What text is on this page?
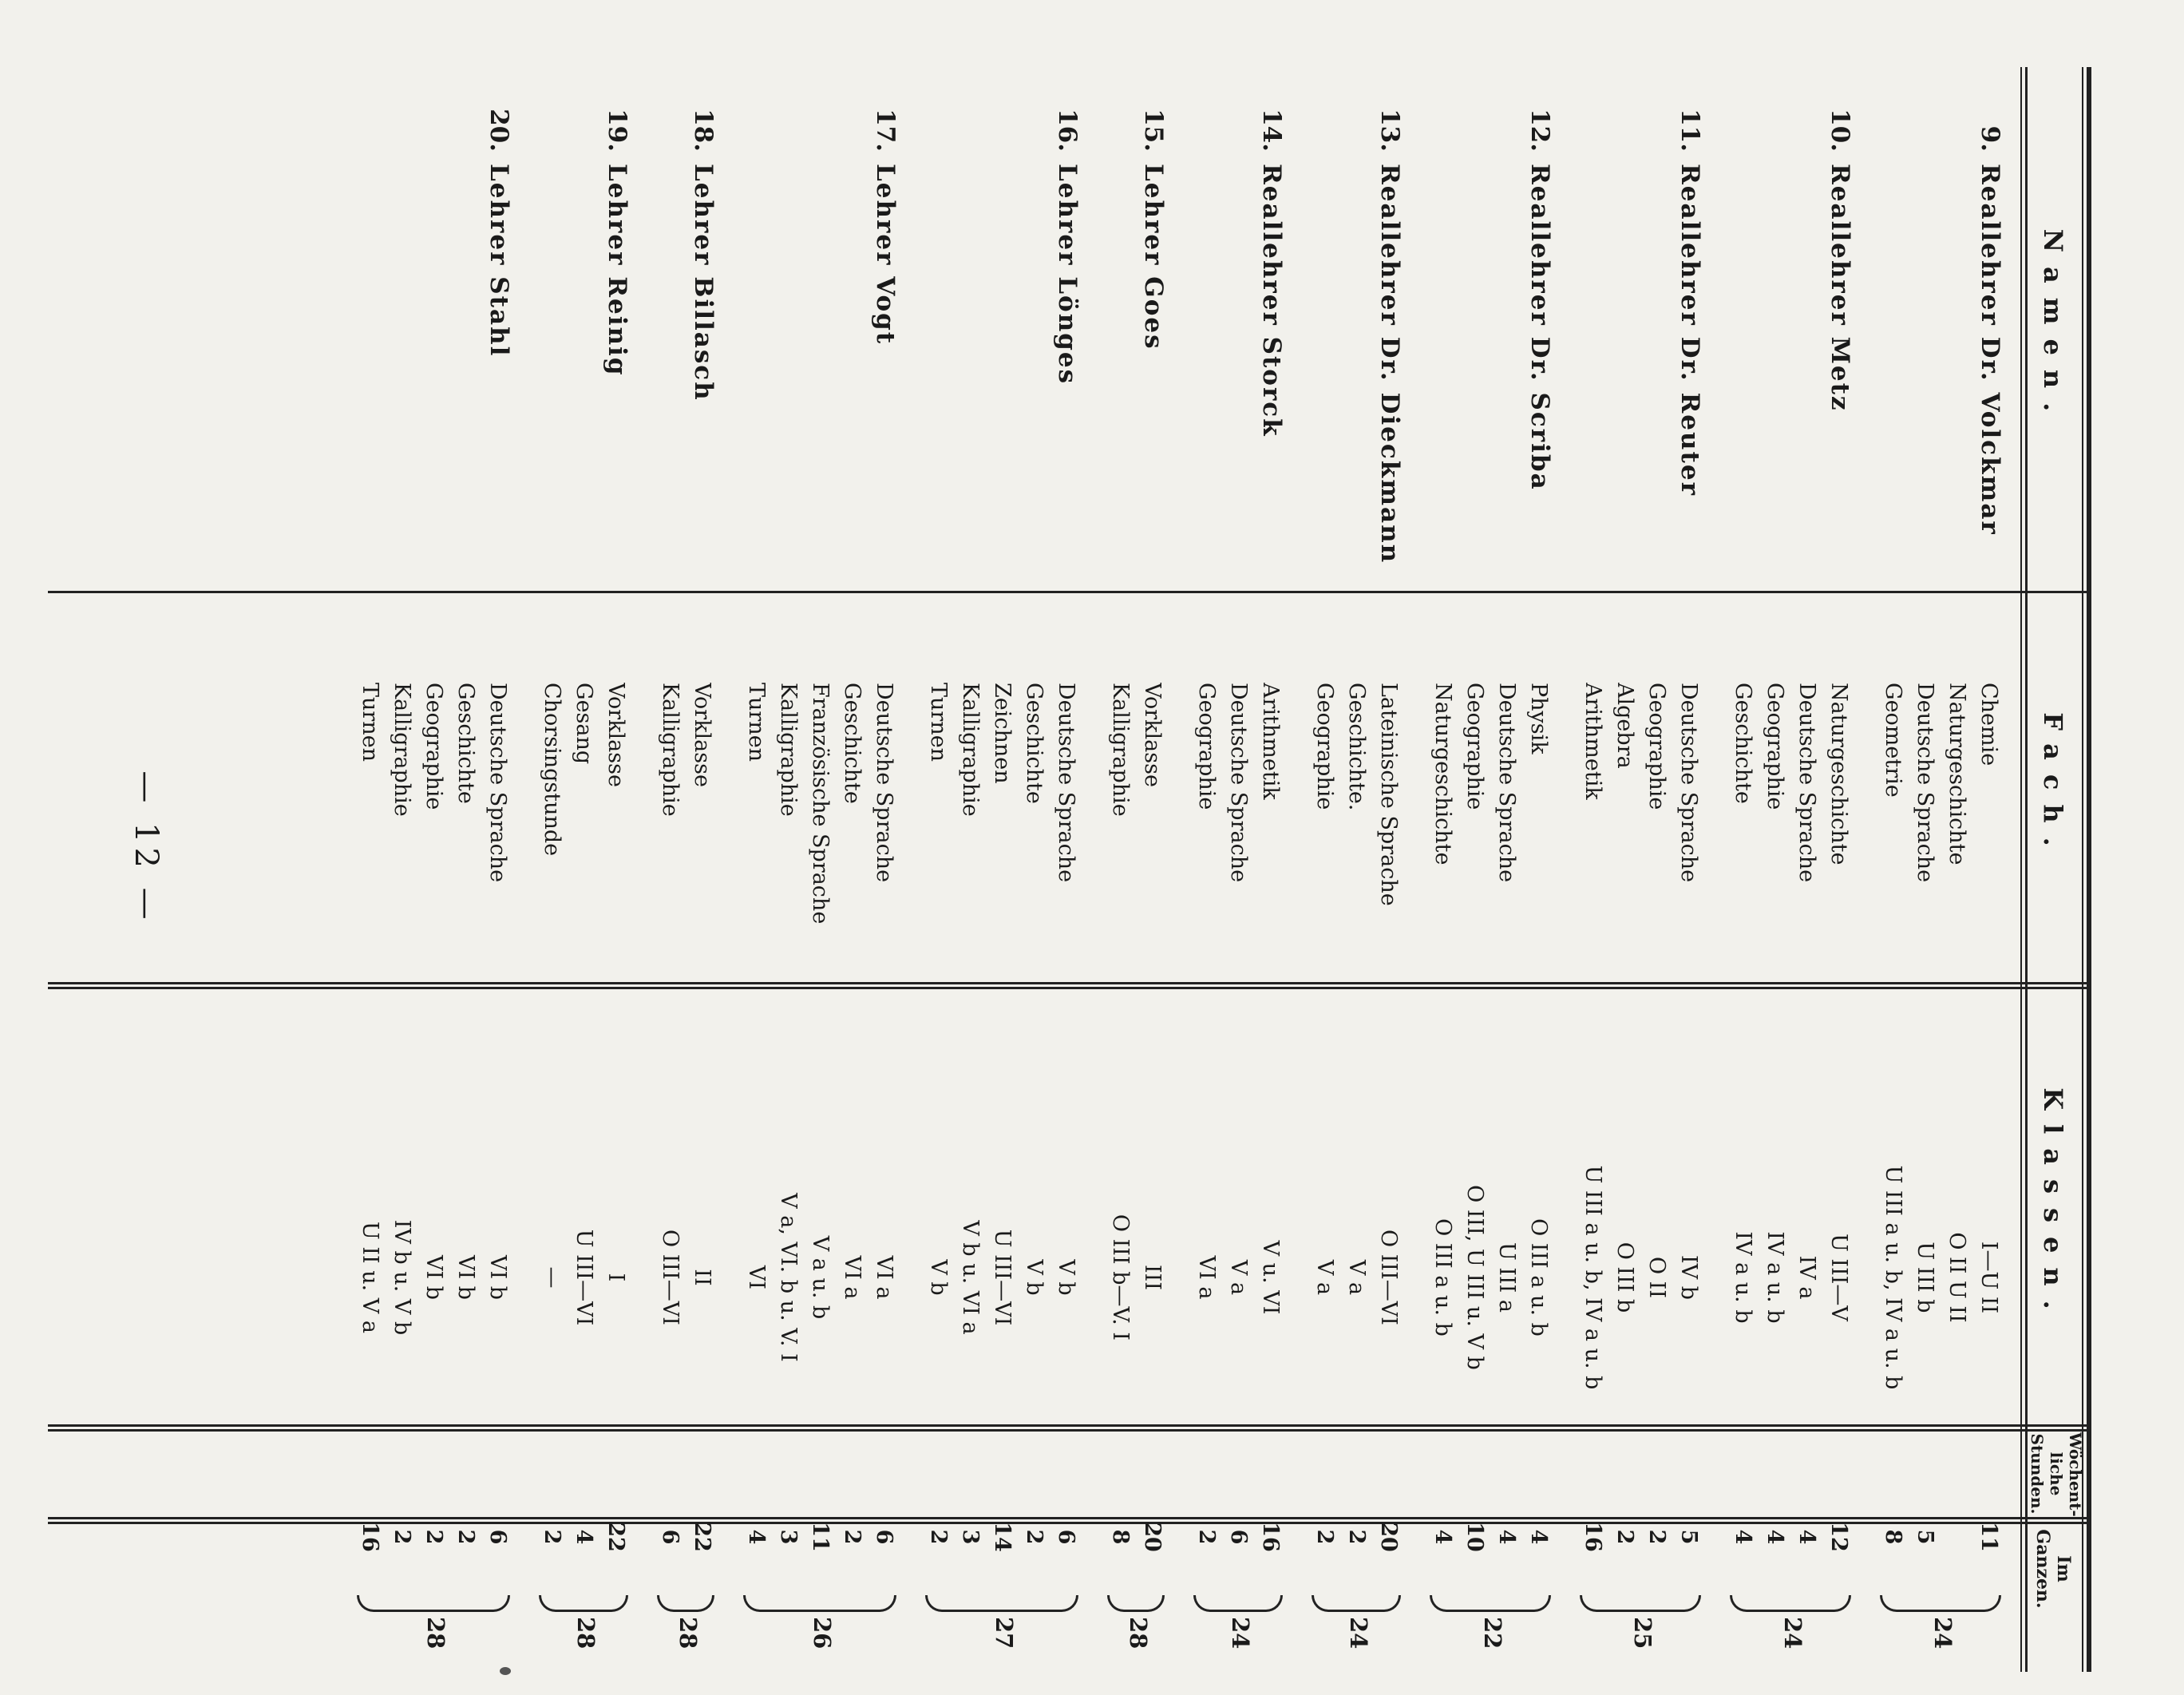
— 12 —
Namen.
Fach.
Klassen.
Wöchent-liche Stunden.
Im Ganzen.
9.
Reallehrer Dr. Volckmar
Chemie
I—U II
11
Naturgeschichte
O II U II
Deutsche Sprache
U III b
5
Geometrie
U III a u. b, IV a u. b
8
24
10.
Reallehrer Metz
Naturgeschichte
U III—V
12
Deutsche Sprache
IV a
4
Geographie
IV a u. b
4
Geschichte
IV a u. b
4
24
11.
Reallehrer Dr. Reuter
Deutsche Sprache
IV b
5
Geographie
O II
2
Algebra
O III b
2
Arithmetik
U III a u. b, IV a u. b
16
25
12.
Reallehrer Dr. Scriba
Physik
O III a u. b
4
Deutsche Sprache
U III a
4
Geographie
O III, U III u. V b
10
Naturgeschichte
O III a u. b
4
22
13.
Reallehrer Dr. Dieckmann
Lateinische Sprache
O III—VI
20
Geschichte.
V a
2
Geographie
V a
2
24
14.
Reallehrer Storck
Arithmetik
V u. VI
16
Deutsche Sprache
V a
6
Geographie
VI a
2
24
15.
Lehrer Goes
Vorklasse
III
20
Kalligraphie
O III b—V. I
8
28
16.
Lehrer Lönges
Deutsche Sprache
V b
6
Geschichte
V b
2
Zeichnen
U III—VI
14
Kalligraphie
V b u. VI a
3
Turnen
V b
2
27
17.
Lehrer Vogt
Deutsche Sprache
VI a
6
Geschichte
VI a
2
Französische Sprache
V a u. b
11
Kalligraphie
V a, VI. b u. V. I
3
Turnen
VI
4
26
18.
Lehrer Billasch
Vorklasse
II
22
Kalligraphie
O III—VI
6
28
19.
Lehrer Reinig
Vorklasse
I
22
Gesang
U III—VI
4
Chorsingstunde
—
2
28
20.
Lehrer Stahl
Deutsche Sprache
VI b
6
Geschichte
VI b
2
Geographie
VI b
2
Kalligraphie
IV b u. V b
2
Turnen
U II u. V a
16
28
